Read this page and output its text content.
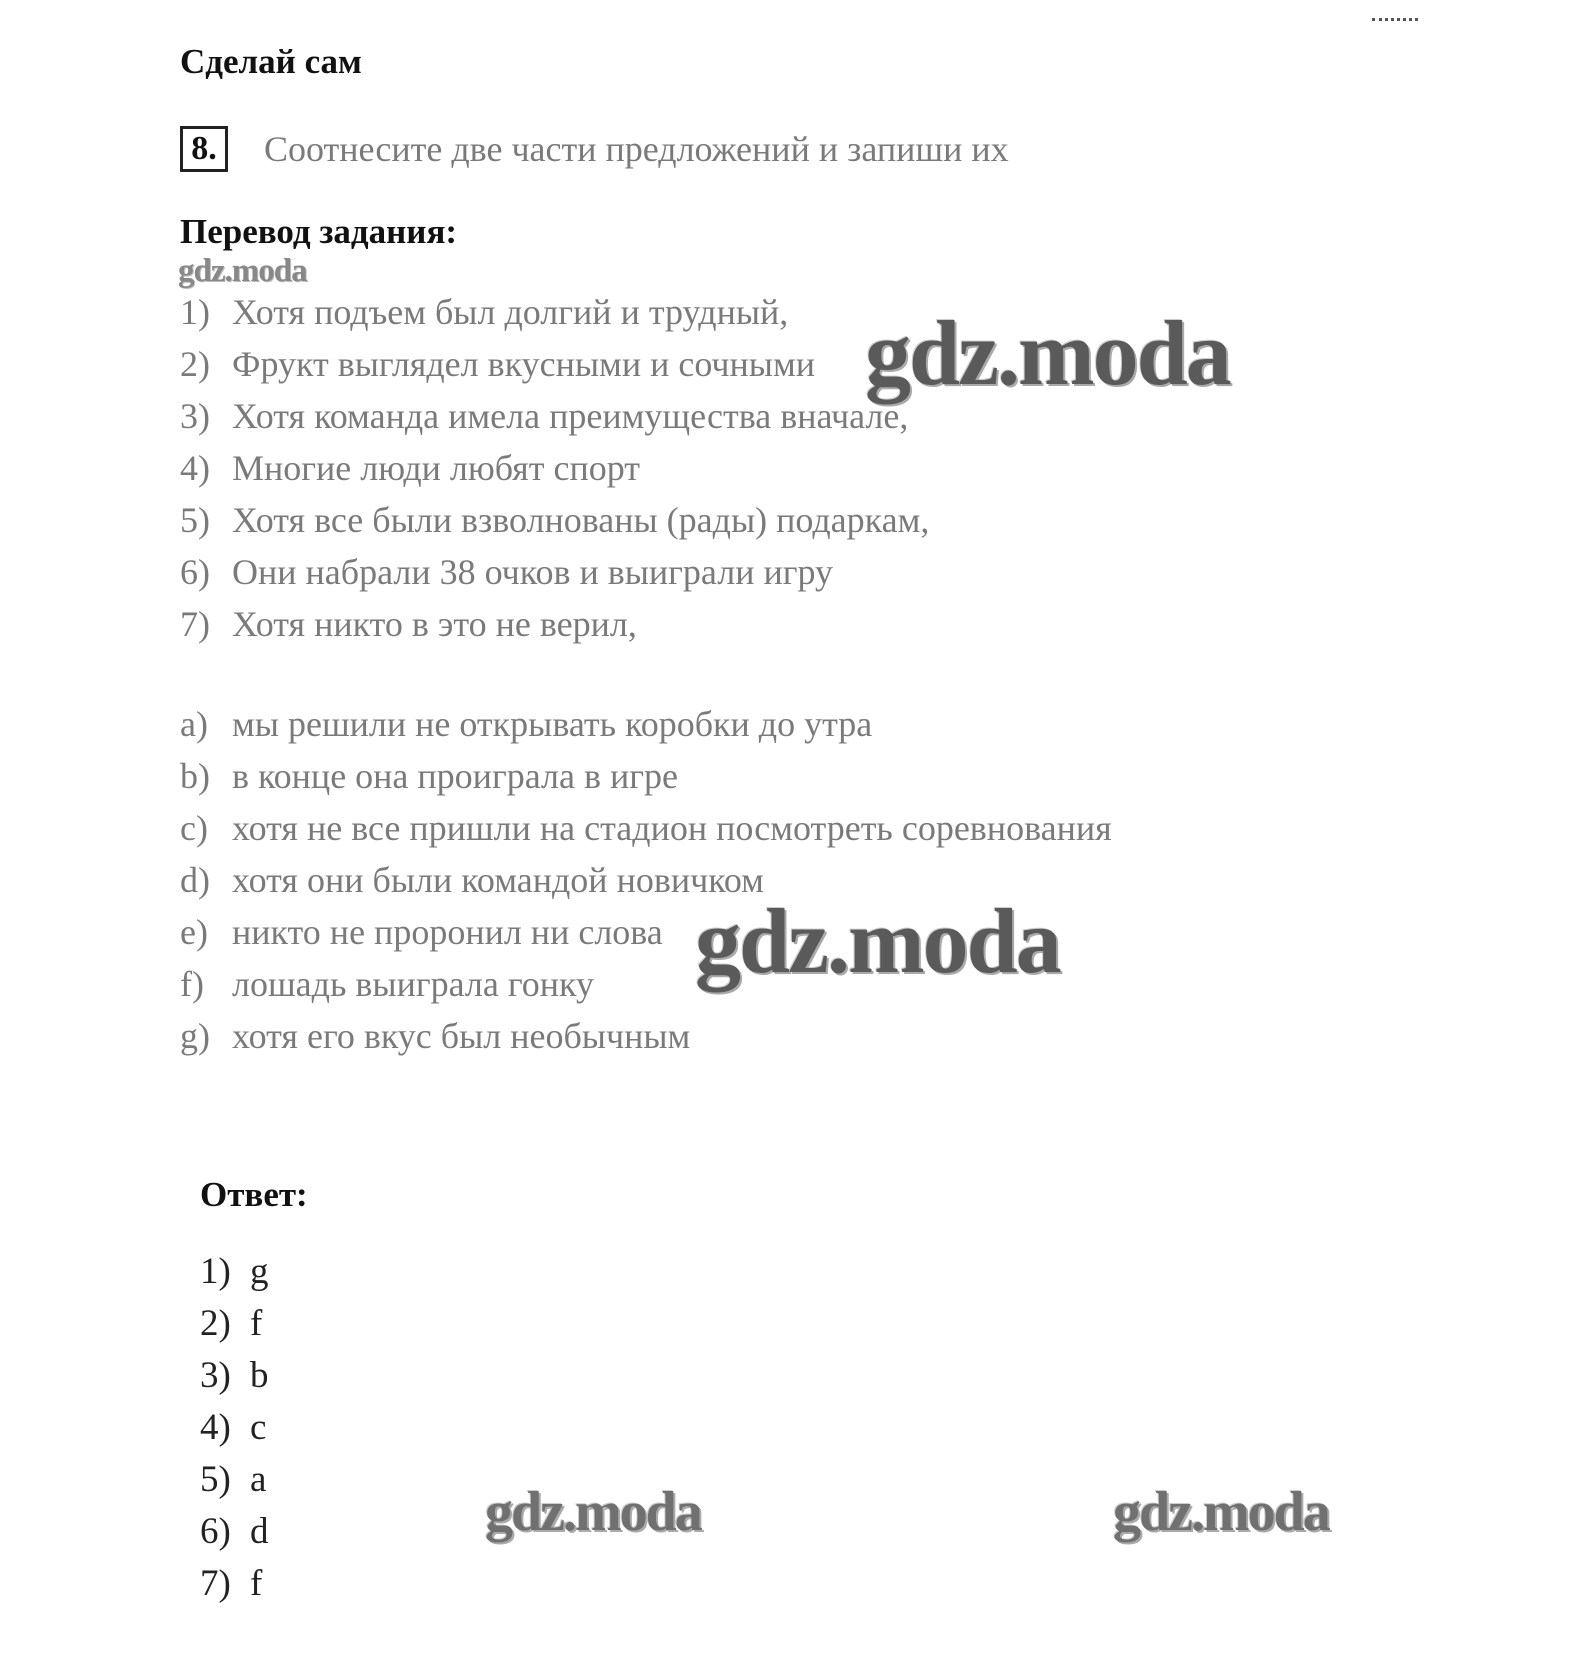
Сделай сам
8.	Соотнесите две части предложений и запиши их
Перевод задания:
gdz.moda
1) Хотя подъем был долгий и трудный,
2) Фрукт выглядел вкусными и сочными
3) Хотя команда имела преимущества вначале,
4) Многие люди любят спорт
5) Хотя все были взволнованы (рады) подаркам,
6) Они набрали 38 очков и выиграли игру
7) Хотя никто в это не верил,
a) мы решили не открывать коробки до утра
b) в конце она проиграла в игре
c) хотя не все пришли на стадион посмотреть соревнования
d) хотя они были командой новичком
e) никто не проронил ни слова
f) лошадь выиграла гонку
g) хотя его вкус был необычным
Ответ:
1) g
2) f
3) b
4) c
5) a
6) d
7) f
gdz.moda
gdz.moda
gdz.moda	gdz.moda
